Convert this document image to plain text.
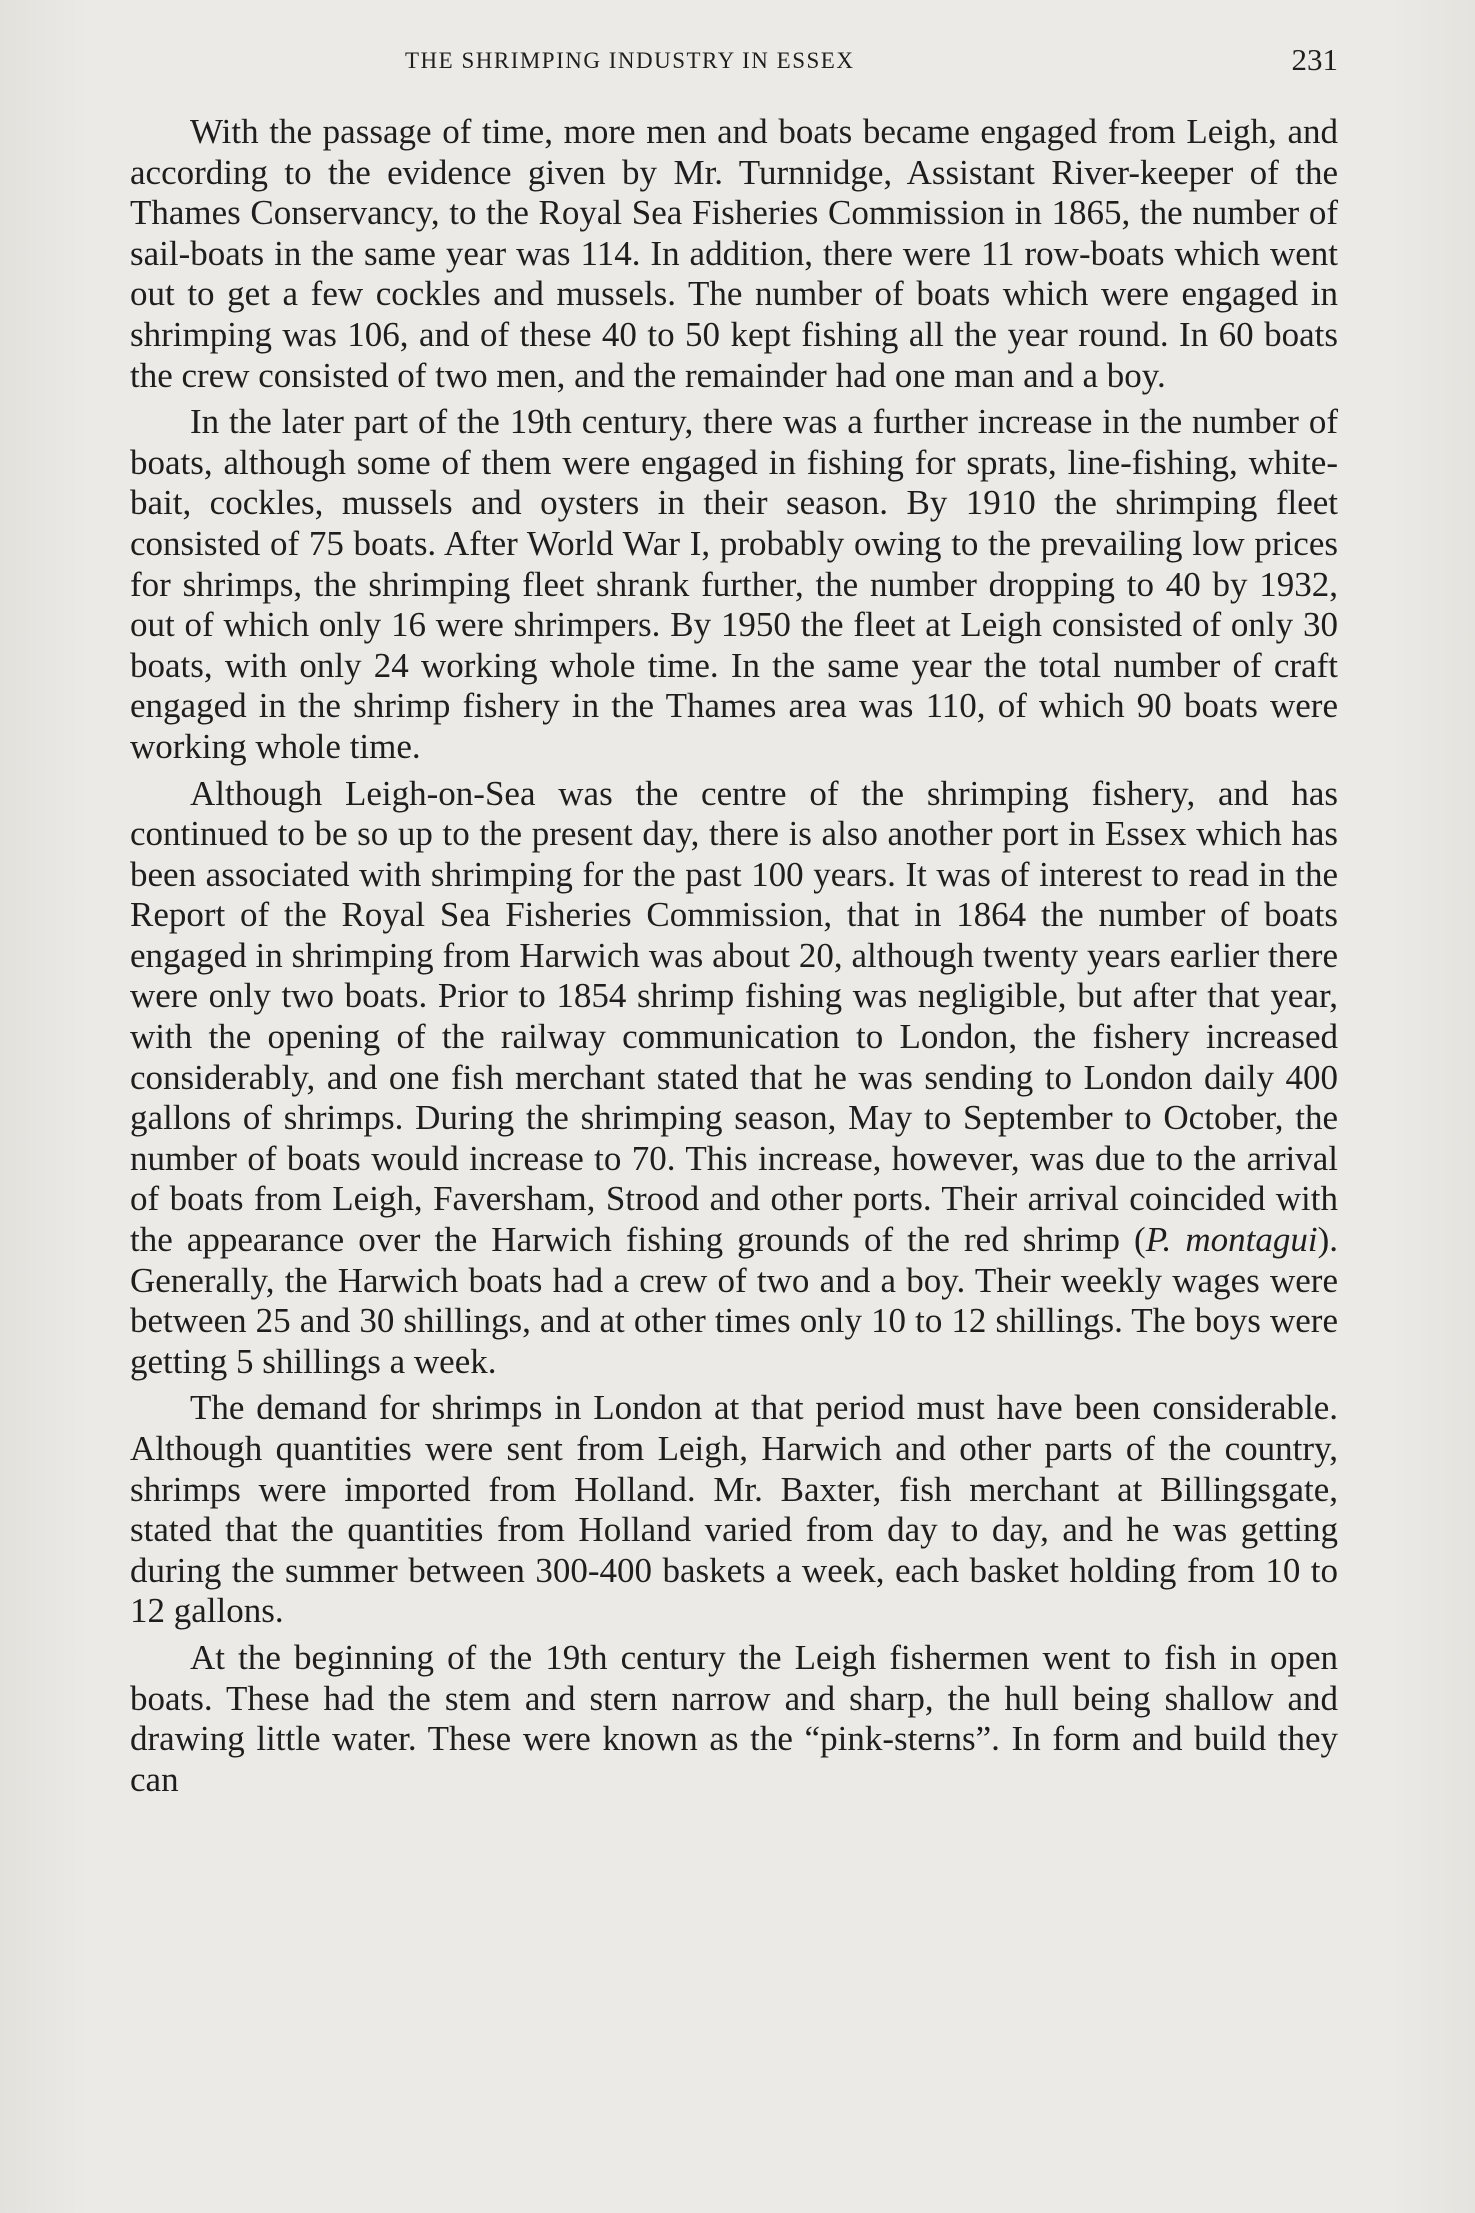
THE SHRIMPING INDUSTRY IN ESSEX	231

With the passage of time, more men and boats became engaged from Leigh, and according to the evidence given by Mr. Turnnidge, Assistant River-keeper of the Thames Conservancy, to the Royal Sea Fisheries Commission in 1865, the number of sail-boats in the same year was 114. In addition, there were 11 row-boats which went out to get a few cockles and mussels. The number of boats which were engaged in shrimping was 106, and of these 40 to 50 kept fishing all the year round. In 60 boats the crew consisted of two men, and the remainder had one man and a boy.

In the later part of the 19th century, there was a further increase in the number of boats, although some of them were engaged in fishing for sprats, line-fishing, white-bait, cockles, mussels and oysters in their season. By 1910 the shrimping fleet consisted of 75 boats. After World War I, probably owing to the prevailing low prices for shrimps, the shrimping fleet shrank further, the number dropping to 40 by 1932, out of which only 16 were shrimpers. By 1950 the fleet at Leigh consisted of only 30 boats, with only 24 working whole time. In the same year the total number of craft engaged in the shrimp fishery in the Thames area was 110, of which 90 boats were working whole time.

Although Leigh-on-Sea was the centre of the shrimping fishery, and has continued to be so up to the present day, there is also another port in Essex which has been associated with shrimping for the past 100 years. It was of interest to read in the Report of the Royal Sea Fisheries Commission, that in 1864 the number of boats engaged in shrimping from Harwich was about 20, although twenty years earlier there were only two boats. Prior to 1854 shrimp fishing was negligible, but after that year, with the opening of the railway communication to London, the fishery increased considerably, and one fish merchant stated that he was sending to London daily 400 gallons of shrimps. During the shrimping season, May to September to October, the number of boats would increase to 70. This increase, however, was due to the arrival of boats from Leigh, Faversham, Strood and other ports. Their arrival coincided with the appearance over the Harwich fishing grounds of the red shrimp (P. montagui). Generally, the Harwich boats had a crew of two and a boy. Their weekly wages were between 25 and 30 shillings, and at other times only 10 to 12 shillings. The boys were getting 5 shillings a week.

The demand for shrimps in London at that period must have been considerable. Although quantities were sent from Leigh, Harwich and other parts of the country, shrimps were imported from Holland. Mr. Baxter, fish merchant at Billingsgate, stated that the quantities from Holland varied from day to day, and he was getting during the summer between 300-400 baskets a week, each basket holding from 10 to 12 gallons.

At the beginning of the 19th century the Leigh fishermen went to fish in open boats. These had the stem and stern narrow and sharp, the hull being shallow and drawing little water. These were known as the “pink-sterns”. In form and build they can
